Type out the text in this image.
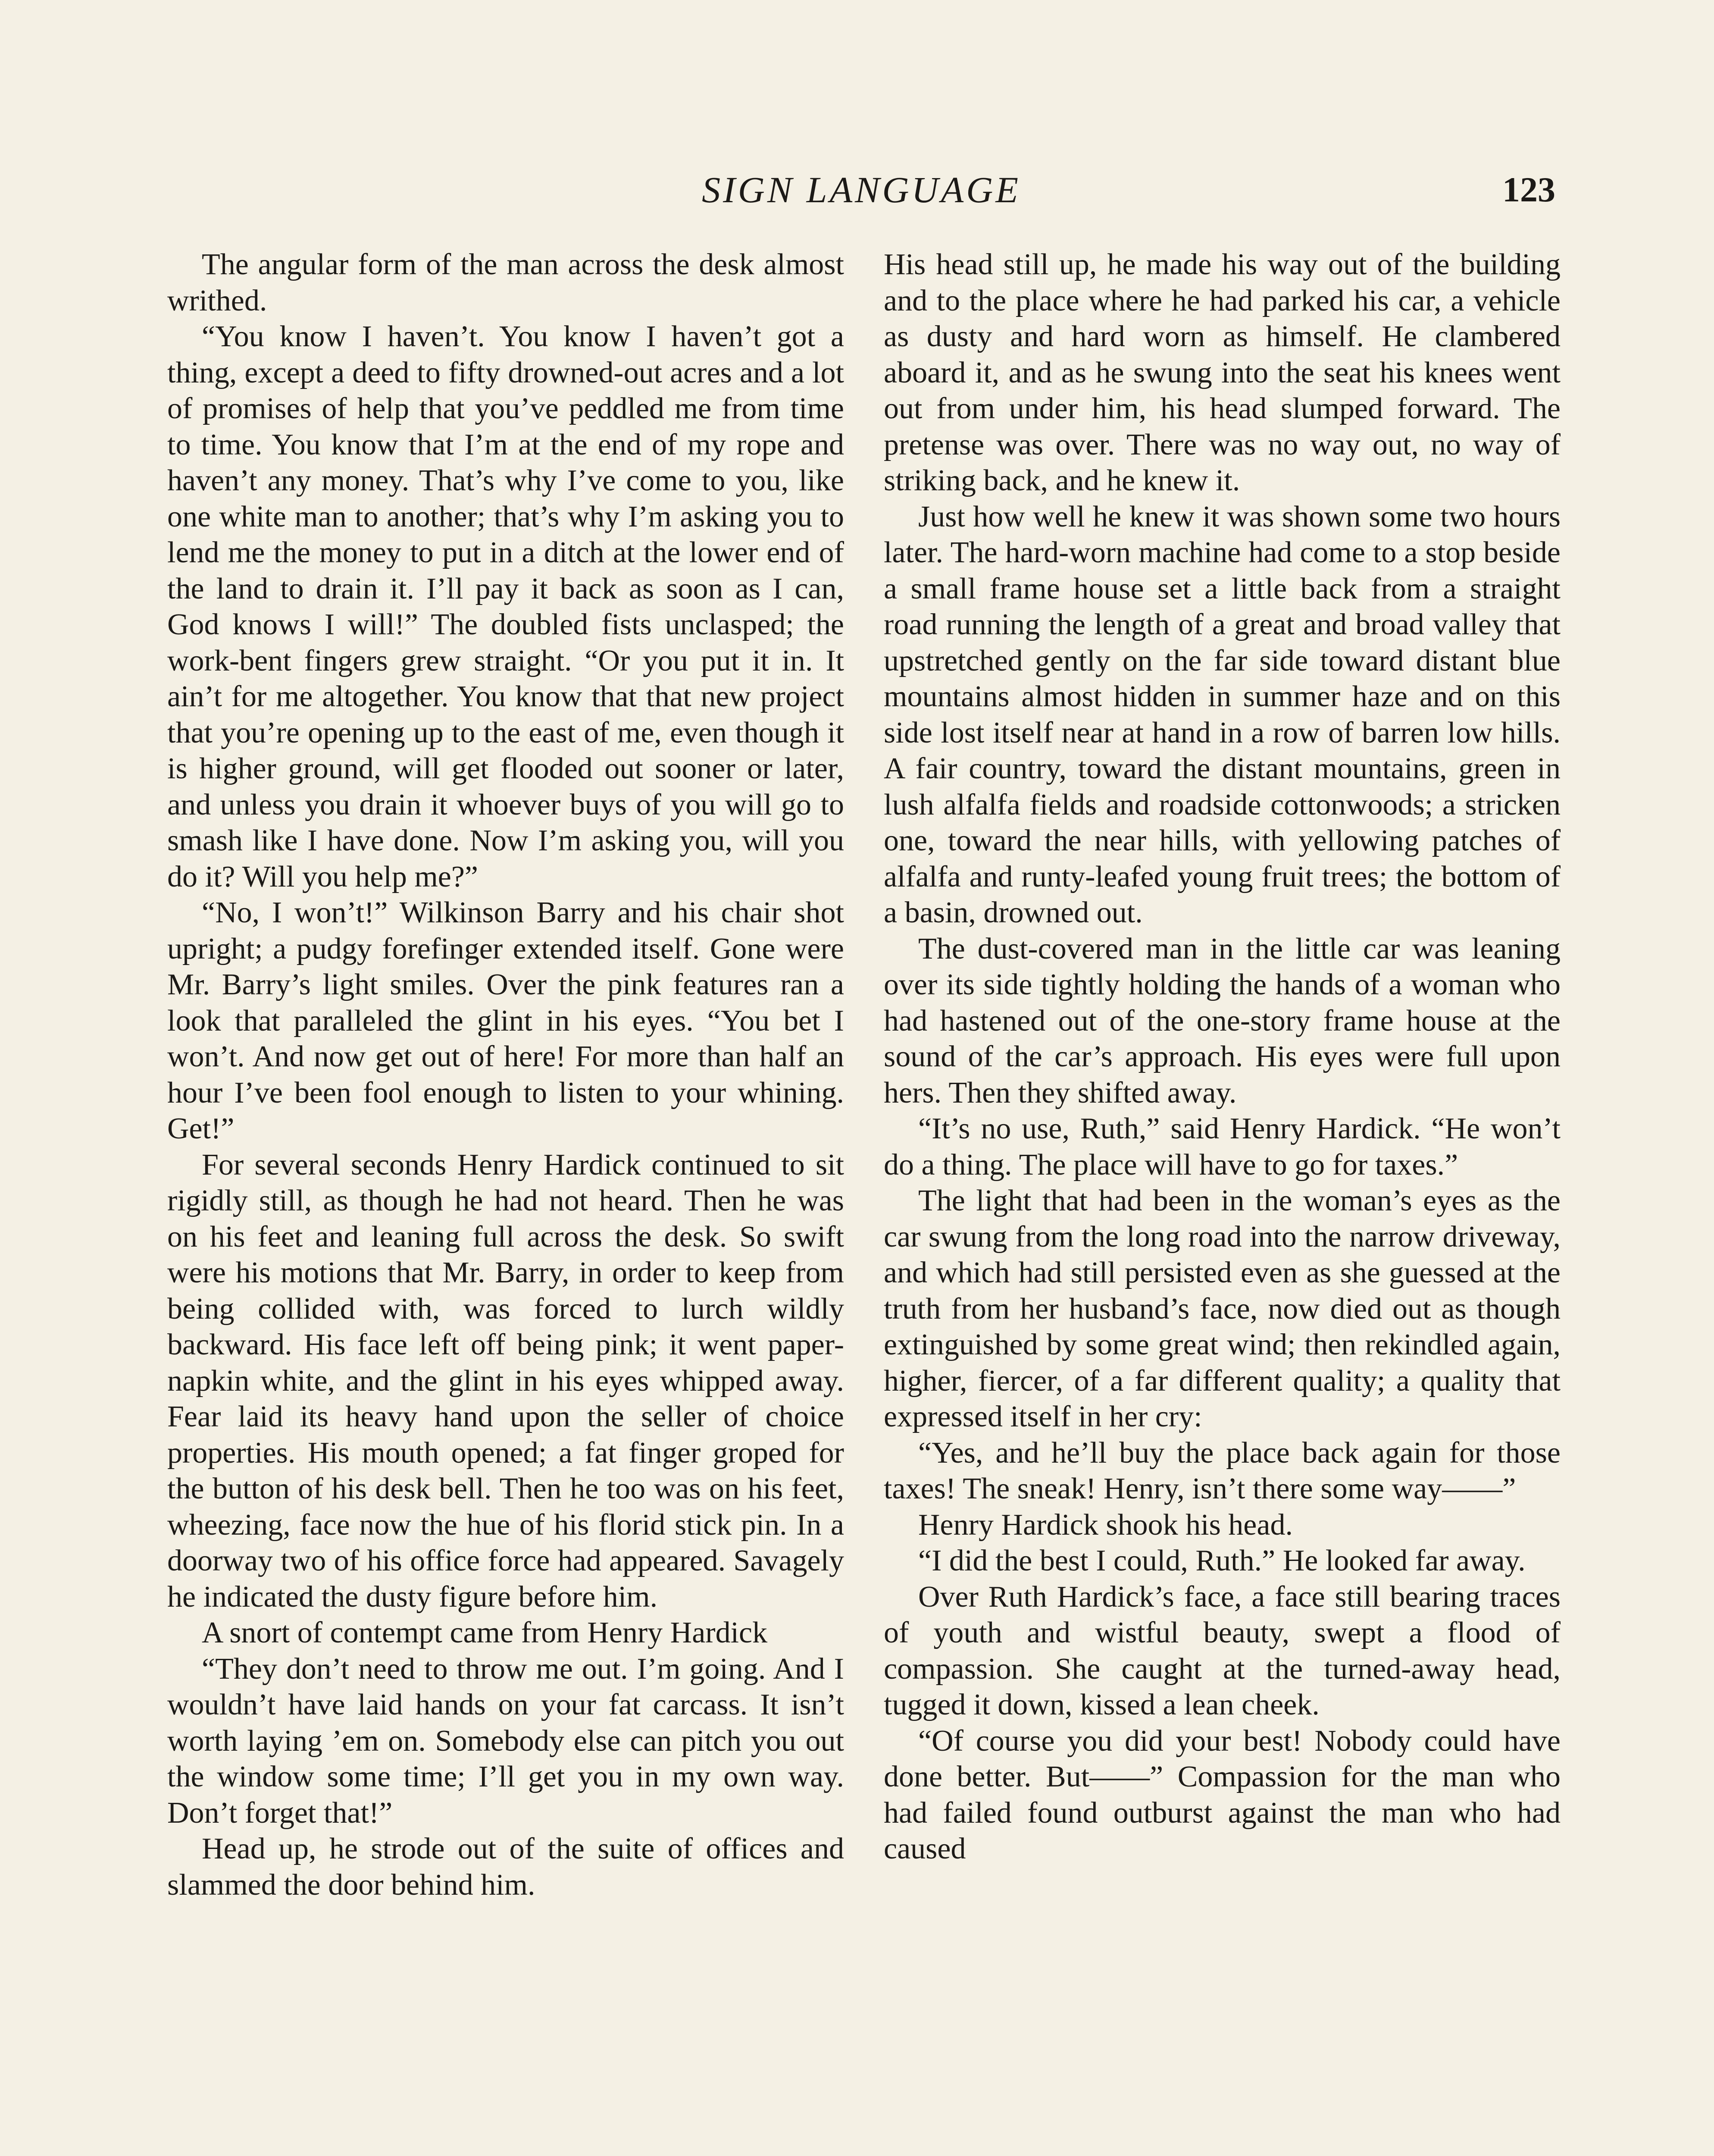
SIGN LANGUAGE	123

The angular form of the man across the desk almost writhed.

“You know I haven’t. You know I haven’t got a thing, except a deed to fifty drowned-out acres and a lot of promises of help that you’ve peddled me from time to time. You know that I’m at the end of my rope and haven’t any money. That’s why I’ve come to you, like one white man to another; that’s why I’m asking you to lend me the money to put in a ditch at the lower end of the land to drain it. I’ll pay it back as soon as I can, God knows I will!” The doubled fists unclasped; the work-bent fingers grew straight. “Or you put it in. It ain’t for me altogether. You know that that new project that you’re opening up to the east of me, even though it is higher ground, will get flooded out sooner or later, and unless you drain it whoever buys of you will go to smash like I have done. Now I’m asking you, will you do it? Will you help me?”

“No, I won’t!” Wilkinson Barry and his chair shot upright; a pudgy forefinger extended itself. Gone were Mr. Barry’s light smiles. Over the pink features ran a look that paralleled the glint in his eyes. “You bet I won’t. And now get out of here! For more than half an hour I’ve been fool enough to listen to your whining. Get!”

For several seconds Henry Hardick continued to sit rigidly still, as though he had not heard. Then he was on his feet and leaning full across the desk. So swift were his motions that Mr. Barry, in order to keep from being collided with, was forced to lurch wildly backward. His face left off being pink; it went paper-napkin white, and the glint in his eyes whipped away. Fear laid its heavy hand upon the seller of choice properties. His mouth opened; a fat finger groped for the button of his desk bell. Then he too was on his feet, wheezing, face now the hue of his florid stick pin. In a doorway two of his office force had appeared. Savagely he indicated the dusty figure before him.

A snort of contempt came from Henry Hardick

“They don’t need to throw me out. I’m going. And I wouldn’t have laid hands on your fat carcass. It isn’t worth laying ’em on. Somebody else can pitch you out the window some time; I’ll get you in my own way. Don’t forget that!”

Head up, he strode out of the suite of offices and slammed the door behind him.

His head still up, he made his way out of the building and to the place where he had parked his car, a vehicle as dusty and hard worn as himself. He clambered aboard it, and as he swung into the seat his knees went out from under him, his head slumped forward. The pretense was over. There was no way out, no way of striking back, and he knew it.

Just how well he knew it was shown some two hours later. The hard-worn machine had come to a stop beside a small frame house set a little back from a straight road running the length of a great and broad valley that upstretched gently on the far side toward distant blue mountains almost hidden in summer haze and on this side lost itself near at hand in a row of barren low hills. A fair country, toward the distant mountains, green in lush alfalfa fields and roadside cottonwoods; a stricken one, toward the near hills, with yellowing patches of alfalfa and runty-leafed young fruit trees; the bottom of a basin, drowned out.

The dust-covered man in the little car was leaning over its side tightly holding the hands of a woman who had hastened out of the one-story frame house at the sound of the car’s approach. His eyes were full upon hers. Then they shifted away.

“It’s no use, Ruth,” said Henry Hardick. “He won’t do a thing. The place will have to go for taxes.”

The light that had been in the woman’s eyes as the car swung from the long road into the narrow driveway, and which had still persisted even as she guessed at the truth from her husband’s face, now died out as though extinguished by some great wind; then rekindled again, higher, fiercer, of a far different quality; a quality that expressed itself in her cry:

“Yes, and he’ll buy the place back again for those taxes! The sneak! Henry, isn’t there some way——”

Henry Hardick shook his head.

“I did the best I could, Ruth.” He looked far away.

Over Ruth Hardick’s face, a face still bearing traces of youth and wistful beauty, swept a flood of compassion. She caught at the turned-away head, tugged it down, kissed a lean cheek.

“Of course you did your best! Nobody could have done better. But——” Compassion for the man who had failed found outburst against the man who had caused
